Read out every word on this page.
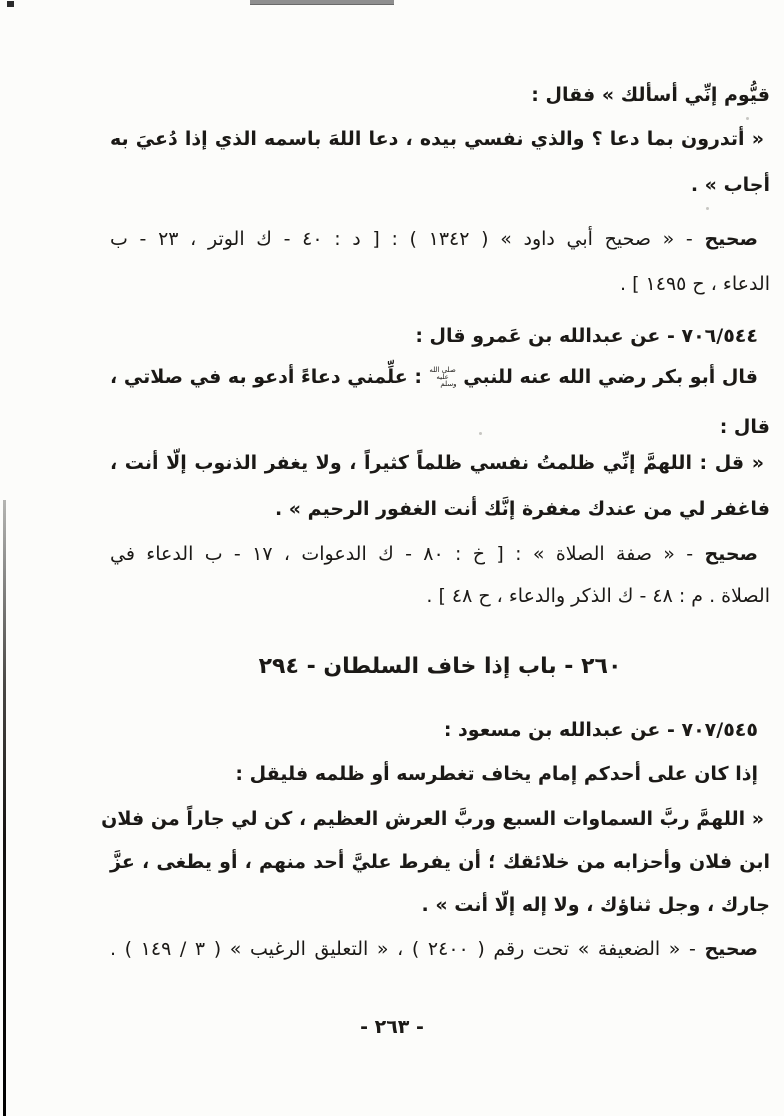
قيُّوم إنِّي أسألك » فقال :
« أتدرون بما دعا ؟ والذي نفسي بيده ، دعا اللهَ باسمه الذي إذا دُعيَ به
أجاب » .
صحيح - « صحيح أبي داود » ( ١٣٤٢ ) : [ د : ٤٠ - ك الوتر ، ٢٣ - ب
الدعاء ، ح ١٤٩٥ ] .
٧٠٦/٥٤٤ - عن عبدالله بن عَمرو قال :
قال أبو بكر رضي الله عنه للنبي صلى الله عليه وسلم : علِّمني دعاءً أدعو به في صلاتي ،
قال :
« قل : اللهمَّ إنِّي ظلمتُ نفسي ظلماً كثيراً ، ولا يغفر الذنوب إلّا أنت ،
فاغفر لي من عندك مغفرة إنَّك أنت الغفور الرحيم » .
صحيح - « صفة الصلاة » : [ خ : ٨٠ - ك الدعوات ، ١٧ - ب الدعاء في
الصلاة . م : ٤٨ - ك الذكر والدعاء ، ح ٤٨ ] .
٢٦٠ - باب إذا خاف السلطان - ٢٩٤
٧٠٧/٥٤٥ - عن عبدالله بن مسعود :
إذا كان على أحدكم إمام يخاف تغطرسه أو ظلمه فليقل :
« اللهمَّ ربَّ السماوات السبع وربَّ العرش العظيم ، كن لي جاراً من فلان
ابن فلان وأحزابه من خلائقك ؛ أن يفرط عليَّ أحد منهم ، أو يطغى ، عزَّ
جارك ، وجل ثناؤك ، ولا إله إلّا أنت » .
صحيح - « الضعيفة » تحت رقم ( ٢٤٠٠ ) ، « التعليق الرغيب » ( ٣ / ١٤٩ ) .
- ٢٦٣ -
